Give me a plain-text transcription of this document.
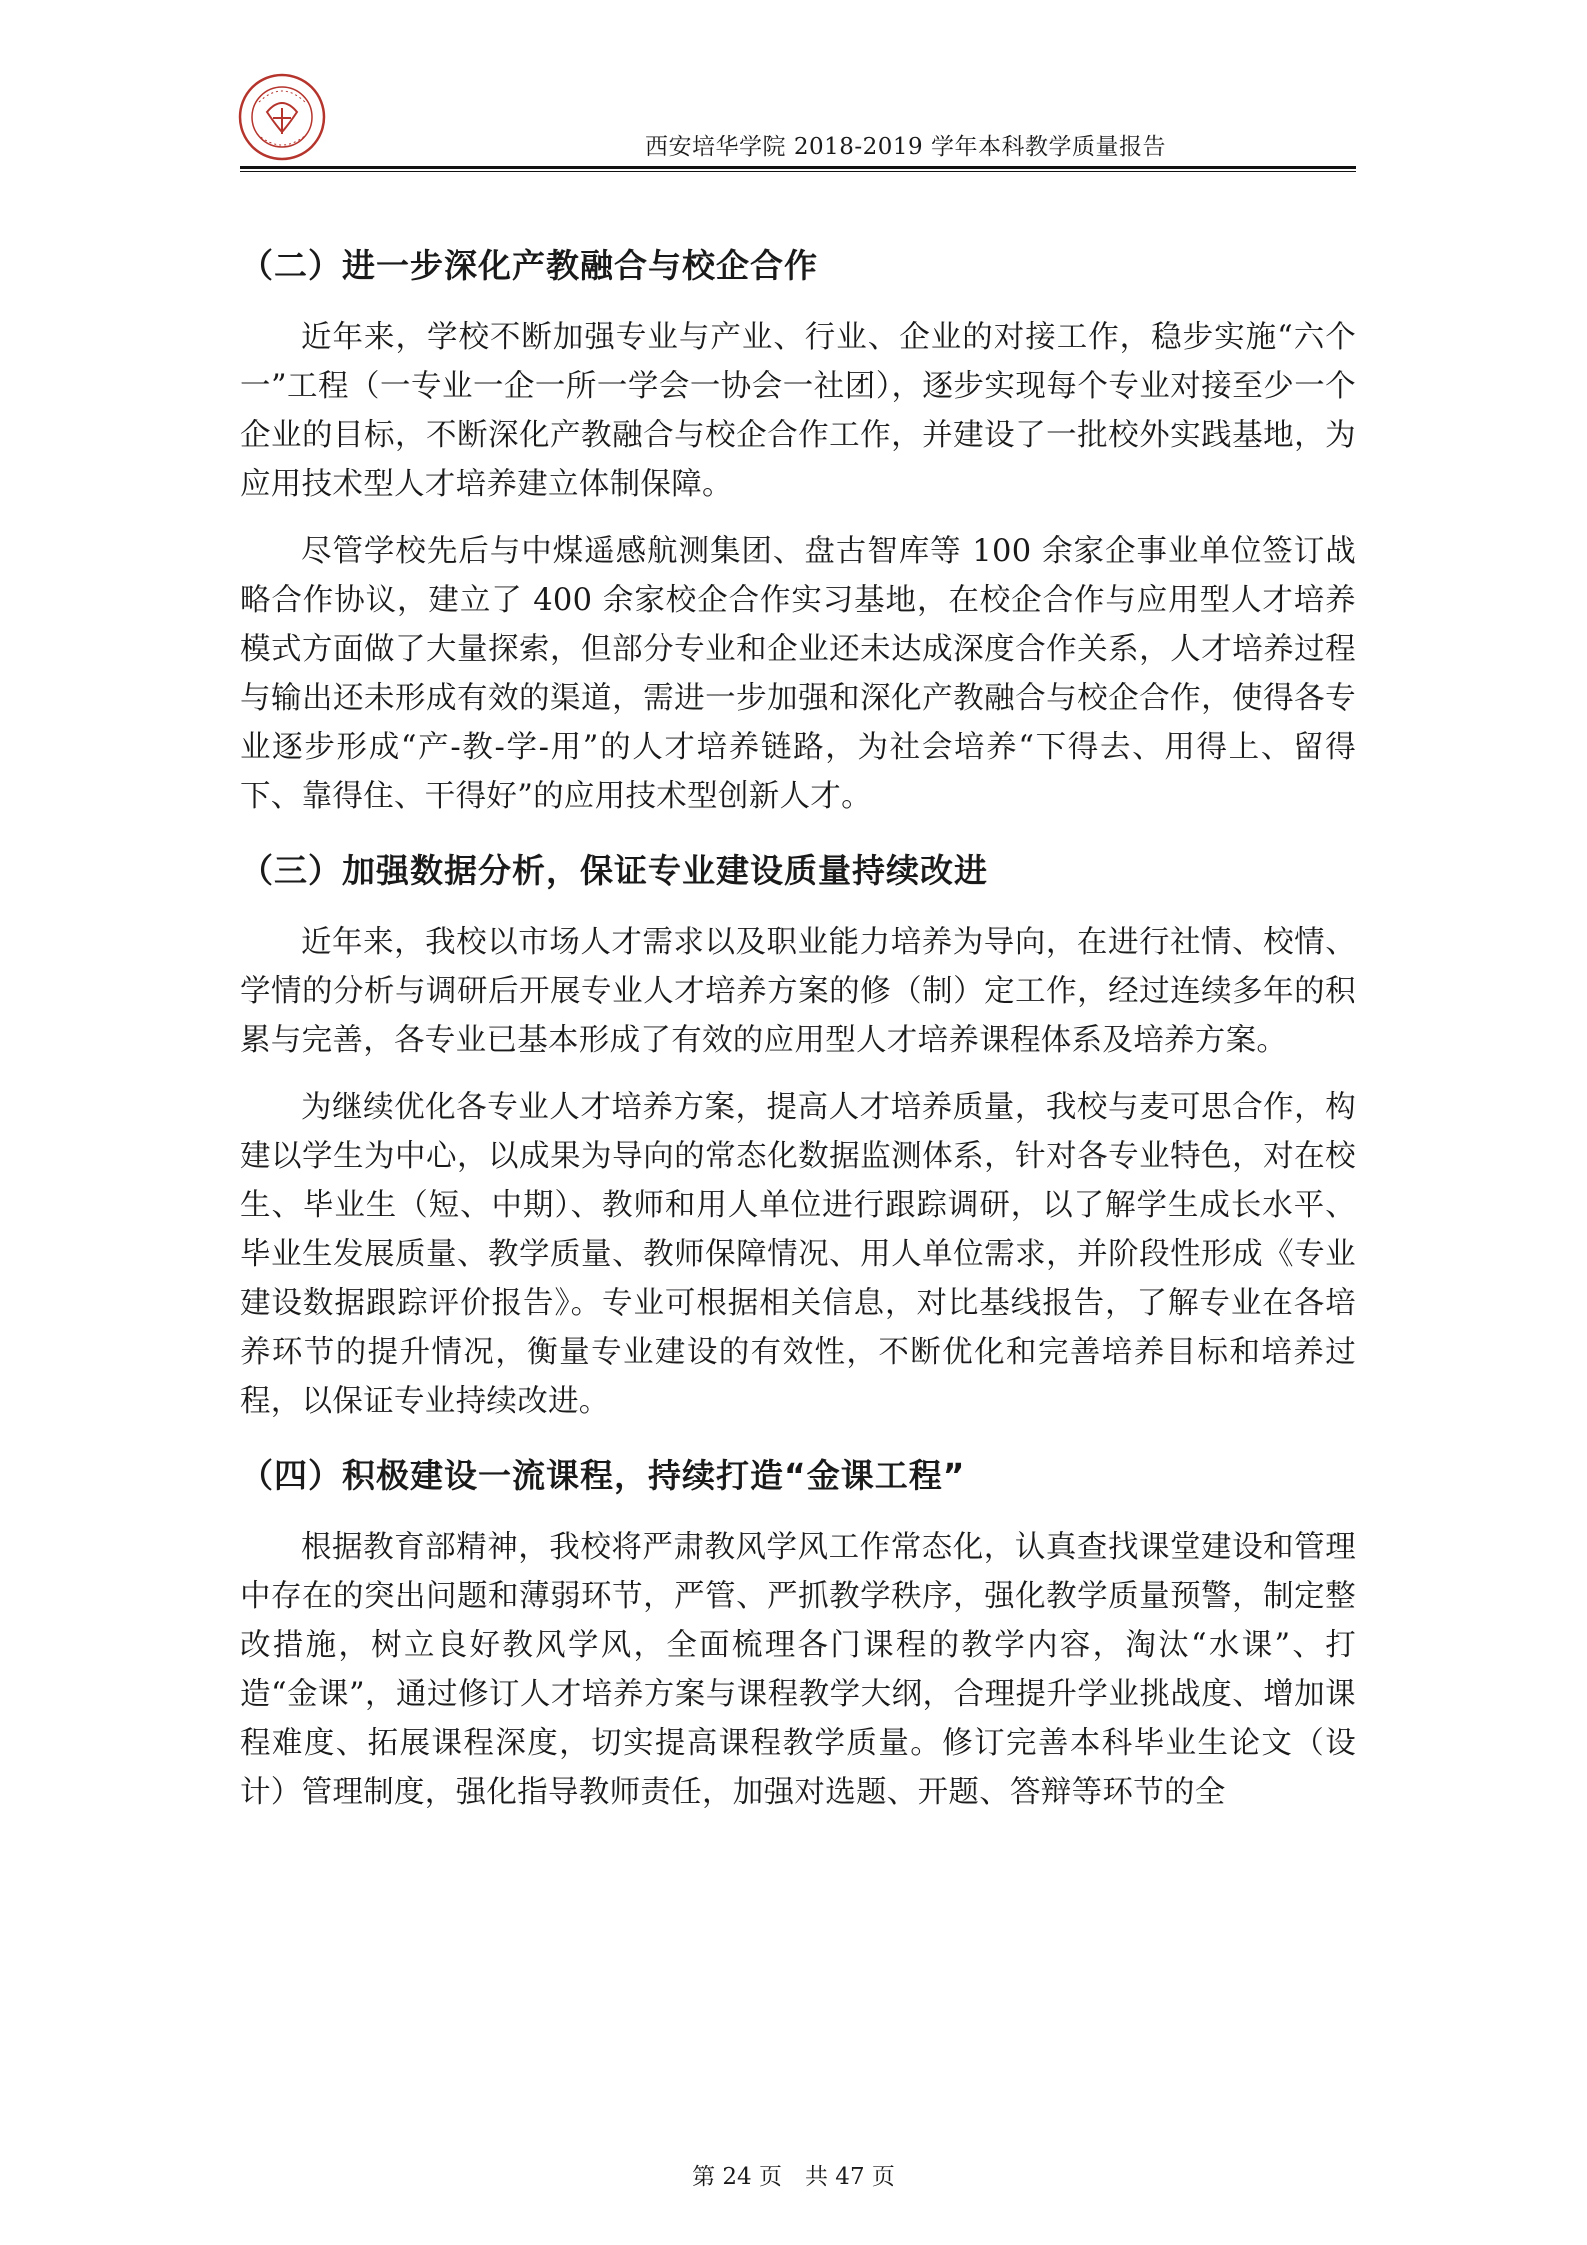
西安培华学院 2018-2019 学年本科教学质量报告
（二）进一步深化产教融合与校企合作

近年来，学校不断加强专业与产业、行业、企业的对接工作，稳步实施“六个一”工程（一专业一企一所一学会一协会一社团），逐步实现每个专业对接至少一个企业的目标，不断深化产教融合与校企合作工作，并建设了一批校外实践基地，为应用技术型人才培养建立体制保障。

尽管学校先后与中煤遥感航测集团、盘古智库等 100 余家企事业单位签订战略合作协议，建立了 400 余家校企合作实习基地，在校企合作与应用型人才培养模式方面做了大量探索，但部分专业和企业还未达成深度合作关系，人才培养过程与输出还未形成有效的渠道，需进一步加强和深化产教融合与校企合作，使得各专业逐步形成“产-教-学-用”的人才培养链路，为社会培养“下得去、用得上、留得下、靠得住、干得好”的应用技术型创新人才。

（三）加强数据分析，保证专业建设质量持续改进

近年来，我校以市场人才需求以及职业能力培养为导向，在进行社情、校情、学情的分析与调研后开展专业人才培养方案的修（制）定工作，经过连续多年的积累与完善，各专业已基本形成了有效的应用型人才培养课程体系及培养方案。

为继续优化各专业人才培养方案，提高人才培养质量，我校与麦可思合作，构建以学生为中心，以成果为导向的常态化数据监测体系，针对各专业特色，对在校生、毕业生（短、中期）、教师和用人单位进行跟踪调研，以了解学生成长水平、毕业生发展质量、教学质量、教师保障情况、用人单位需求，并阶段性形成《专业建设数据跟踪评价报告》。专业可根据相关信息，对比基线报告，了解专业在各培养环节的提升情况，衡量专业建设的有效性，不断优化和完善培养目标和培养过程，以保证专业持续改进。

（四）积极建设一流课程，持续打造“金课工程”

根据教育部精神，我校将严肃教风学风工作常态化，认真查找课堂建设和管理中存在的突出问题和薄弱环节，严管、严抓教学秩序，强化教学质量预警，制定整改措施，树立良好教风学风，全面梳理各门课程的教学内容，淘汰“水课”、打造“金课”，通过修订人才培养方案与课程教学大纲，合理提升学业挑战度、增加课程难度、拓展课程深度，切实提高课程教学质量。修订完善本科毕业生论文（设计）管理制度，强化指导教师责任，加强对选题、开题、答辩等环节的全

第 24 页　共 47 页
